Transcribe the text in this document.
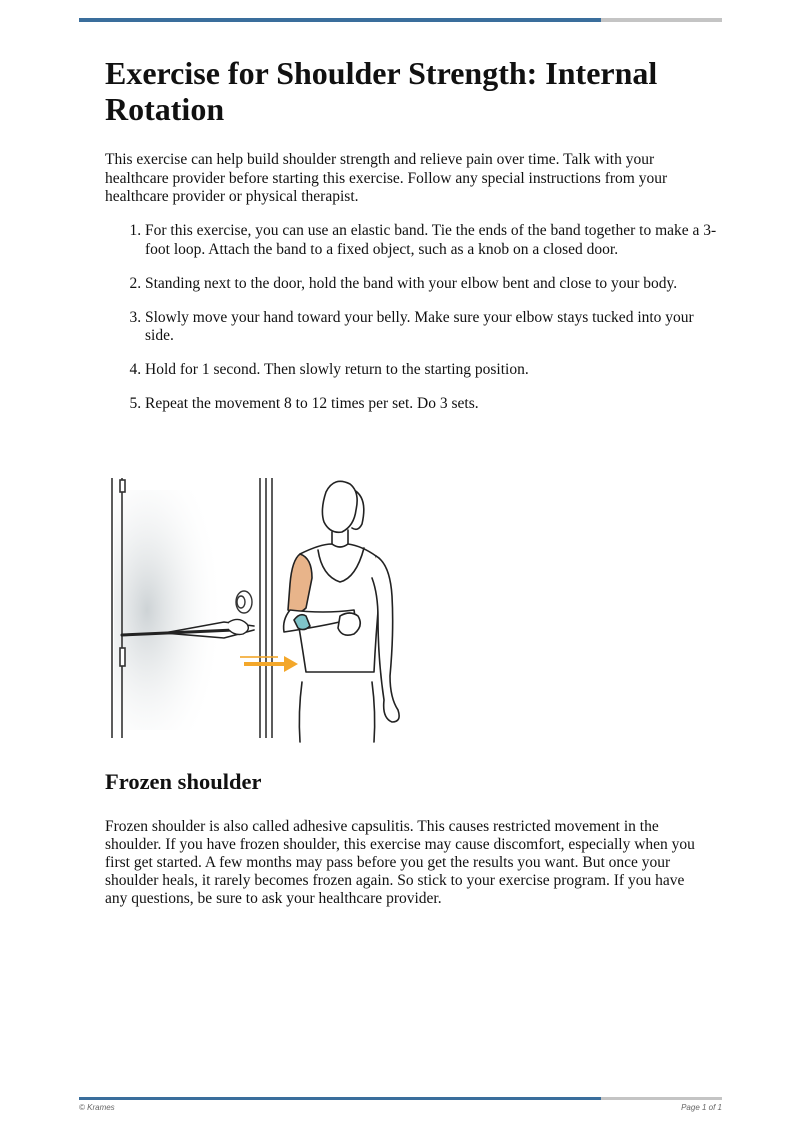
Exercise for Shoulder Strength: Internal Rotation

This exercise can help build shoulder strength and relieve pain over time. Talk with your healthcare provider before starting this exercise. Follow any special instructions from your healthcare provider or physical therapist.

1. For this exercise, you can use an elastic band. Tie the ends of the band together to make a 3-foot loop. Attach the band to a fixed object, such as a knob on a closed door.
2. Standing next to the door, hold the band with your elbow bent and close to your body.
3. Slowly move your hand toward your belly. Make sure your elbow stays tucked into your side.
4. Hold for 1 second. Then slowly return to the starting position.
5. Repeat the movement 8 to 12 times per set. Do 3 sets.
Frozen shoulder

Frozen shoulder is also called adhesive capsulitis. This causes restricted movement in the shoulder. If you have frozen shoulder, this exercise may cause discomfort, especially when you first get started. A few months may pass before you get the results you want. But once your shoulder heals, it rarely becomes frozen again. So stick to your exercise program. If you have any questions, be sure to ask your healthcare provider.

© Krames	Page 1 of 1
